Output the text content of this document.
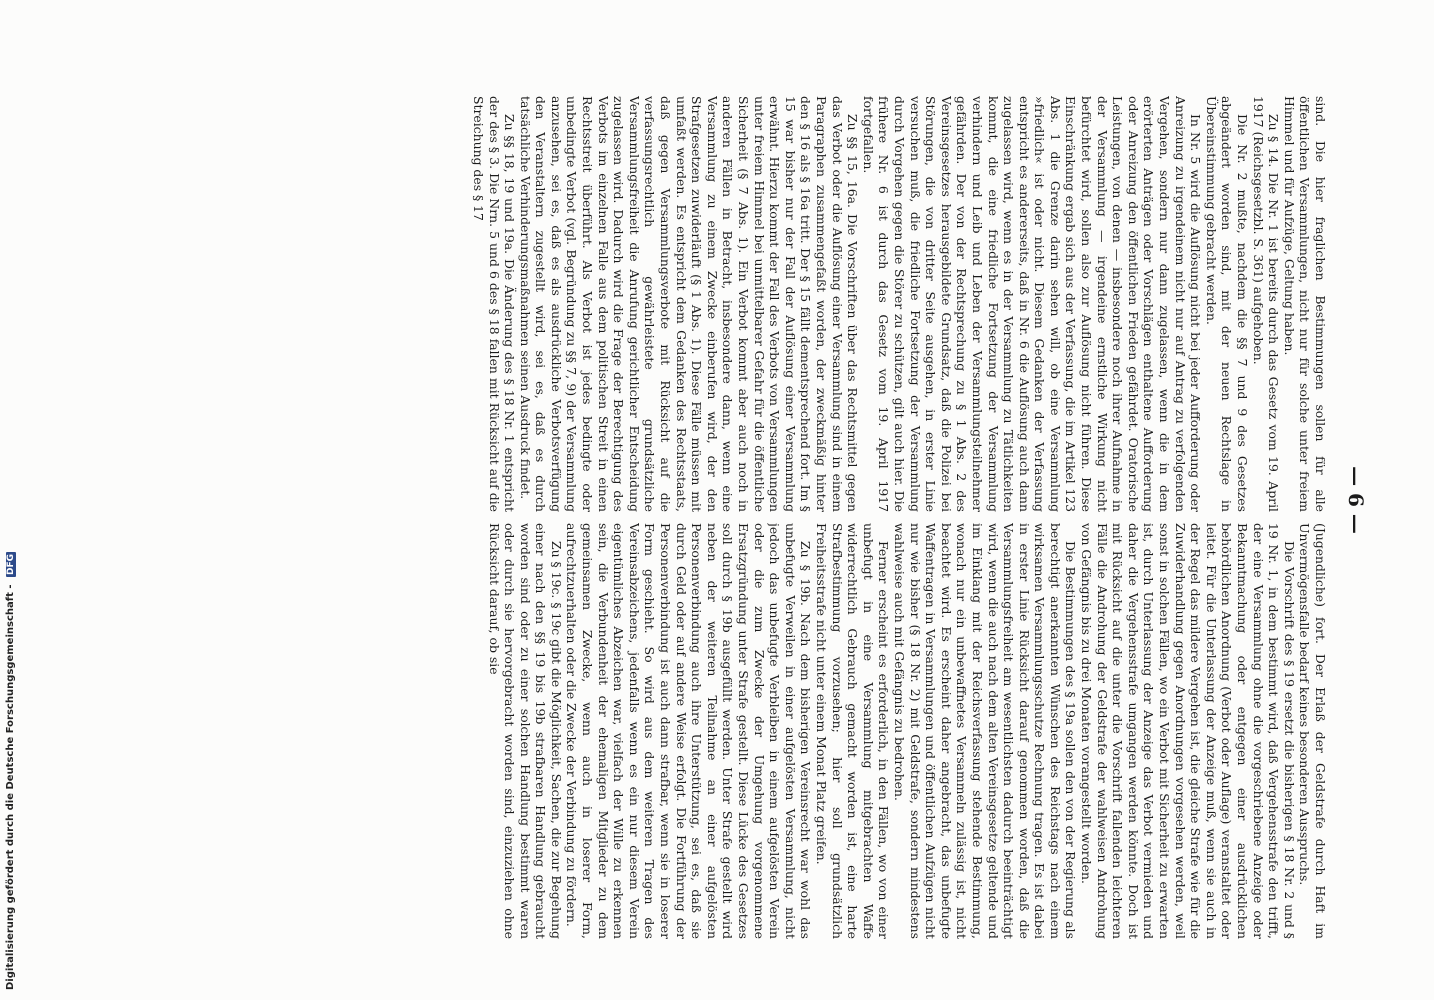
— 6 —

sind. Die hier fraglichen Bestimmungen sollen für alle öffentlichen Versammlungen, nicht nur für solche unter freiem Himmel und für Aufzüge, Geltung haben.

Zu § 14. Die Nr. 1 ist bereits durch das Gesetz vom 19. April 1917 (Reichsgesetzbl. S. 361) aufgehoben.

Die Nr. 2 mußte, nachdem die §§ 7 und 9 des Gesetzes abgeändert worden sind, mit der neuen Rechtslage in Übereinstimmung gebracht werden.

In Nr. 5 wird die Auflösung nicht bei jeder Aufforderung oder Anreizung zu irgendeinem nicht nur auf Antrag zu verfolgenden Vergehen, sondern nur dann zugelassen, wenn die in dem erörterten Anträgen oder Vorschlägen enthaltene Aufforderung oder Anreizung den öffentlichen Frieden gefährdet. Oratorische Leistungen, von denen — insbesondere noch ihrer Aufnahme in der Versammlung — irgendeine ernstliche Wirkung nicht befürchtet wird, sollen also zur Auflösung nicht führen. Diese Einschränkung ergab sich aus der Verfassung, die im Artikel 123 Abs. 1 die Grenze darin sehen will, ob eine Versammlung »friedlich« ist oder nicht. Diesem Gedanken der Verfassung entspricht es andererseits, daß in Nr. 6 die Auflösung auch dann zugelassen wird, wenn es in der Versammlung zu Tätlichkeiten kommt, die eine friedliche Fortsetzung der Versammlung verhindern und Leib und Leben der Versammlungsteilnehmer gefährden. Der von der Rechtsprechung zu § 1 Abs. 2 des Vereinsgesetzes herausgebildete Grundsatz, daß die Polizei bei Störungen, die von dritter Seite ausgehen, in erster Linie versuchen muß, die friedliche Fortsetzung der Versammlung durch Vorgehen gegen die Störer zu schützen, gilt auch hier. Die frühere Nr. 6 ist durch das Gesetz vom 19. April 1917 fortgefallen.

Zu §§ 15, 16a. Die Vorschriften über das Rechtsmittel gegen das Verbot oder die Auflösung einer Versammlung sind in einem Paragraphen zusammengefaßt worden, der zweckmäßig hinter den § 16 als § 16a tritt. Der § 15 fällt dementsprechend fort. Im § 15 war bisher nur der Fall der Auflösung einer Versammlung erwähnt. Hierzu kommt der Fall des Verbots von Versammlungen unter freiem Himmel bei unmittelbarer Gefahr für die öffentliche Sicherheit (§ 7 Abs. 1). Ein Verbot kommt aber auch noch in anderen Fällen in Betracht, insbesondere dann, wenn eine Versammlung zu einem Zwecke einberufen wird, der den Strafgesetzen zuwiderläuft (§ 1 Abs. 1). Diese Fälle müssen mit umfaßt werden. Es entspricht dem Gedanken des Rechtsstaats, daß gegen Versammlungsverbote mit Rücksicht auf die verfassungsrechtlich gewährleistete grundsätzliche Versammlungsfreiheit die Anrufung gerichtlicher Entscheidung zugelassen wird. Dadurch wird die Frage der Berechtigung des Verbots im einzelnen Falle aus dem politischen Streit in einen Rechtsstreit überführt. Als Verbot ist jedes bedingte oder unbedingte Verbot (vgl. Begründung zu §§ 7, 9) der Versammlung anzusehen, sei es, daß es als ausdrückliche Verbotsverfügung den Veranstaltern zugestellt wird, sei es, daß es durch tatsächliche Verhinderungsmaßnahmen seinen Ausdruck findet.

Zu §§ 18, 19 und 19a. Die Änderung des § 18 Nr. 1 entspricht der des § 3. Die Nrn. 5 und 6 des § 18 fallen mit Rücksicht auf die Streichung des § 17

(Jugendliche) fort. Der Erlaß der Geldstrafe durch Haft im Unvermögensfalle bedarf keines besonderen Ausspruchs.

Die Vorschrift des § 19 ersetzt die bisherigen § 18 Nr. 2 und § 19 Nr. 1, in dem bestimmt wird, daß Vergehensstrafe den trifft, der eine Versammlung ohne die vorgeschriebene Anzeige oder Bekanntmachung oder entgegen einer ausdrücklichen behördlichen Anordnung (Verbot oder Auflage) veranstaltet oder leitet. Für die Unterlassung der Anzeige muß, wenn sie auch in der Regel das mildere Vergehen ist, die gleiche Strafe wie für die Zuwiderhandlung gegen Anordnungen vorgesehen werden, weil sonst in solchen Fällen, wo ein Verbot mit Sicherheit zu erwarten ist, durch Unterlassung der Anzeige das Verbot vermieden und daher die Vergehensstrafe umgangen werden könnte. Doch ist mit Rücksicht auf die unter die Vorschrift fallenden leichteren Fälle die Androhung der Geldstrafe der wahlweisen Androhung von Gefängnis bis zu drei Monaten vorangestellt worden.

Die Bestimmungen des § 19a sollen den von der Regierung als berechtigt anerkannten Wünschen des Reichstags nach einem wirksamen Versammlungsschutze Rechnung tragen. Es ist dabei in erster Linie Rücksicht darauf genommen worden, daß die Versammlungsfreiheit am wesentlichsten dadurch beeinträchtigt wird, wenn die auch nach dem alten Vereinsgesetze geltende und im Einklang mit der Reichsverfassung stehende Bestimmung, wonach nur ein unbewaffnetes Versammeln zulässig ist, nicht beachtet wird. Es erscheint daher angebracht, das unbefugte Waffentragen in Versammlungen und öffentlichen Aufzügen nicht nur wie bisher (§ 18 Nr. 2) mit Geldstrafe, sondern mindestens wahlweise auch mit Gefängnis zu bedrohen.

Ferner erscheint es erforderlich, in den Fällen, wo von einer unbefugt in eine Versammlung mitgebrachten Waffe widerrechtlich Gebrauch gemacht worden ist, eine harte Strafbestimmung vorzusehen; hier soll grundsätzlich Freiheitsstrafe nicht unter einem Monat Platz greifen.

Zu § 19b. Nach dem bisherigen Vereinsrecht war wohl das unbefugte Verweilen in einer aufgelösten Versammlung, nicht jedoch das unbefugte Verbleiben in einem aufgelösten Verein oder die zum Zwecke der Umgehung vorgenommene Ersatzgründung unter Strafe gestellt. Diese Lücke des Gesetzes soll durch § 19b ausgefüllt werden. Unter Strafe gestellt wird neben der weiteren Teilnahme an einer aufgelösten Personenverbindung auch ihre Unterstützung, sei es, daß sie durch Geld oder auf andere Weise erfolgt. Die Fortführung der Personenverbindung ist auch dann strafbar, wenn sie in loserer Form geschieht. So wird aus dem weiteren Tragen des Vereinsabzeichens, jedenfalls wenn es ein nur diesem Verein eigentümliches Abzeichen war, vielfach der Wille zu erkennen sein, die Verbundenheit der ehemaligen Mitglieder zu dem gemeinsamen Zwecke, wenn auch in loserer Form, aufrechtzuerhalten oder die Zwecke der Verbindung zu fördern.

Zu § 19c. § 19c gibt die Möglichkeit, Sachen, die zur Begehung einer nach den §§ 19 bis 19b strafbaren Handlung gebraucht worden sind oder zu einer solchen Handlung bestimmt waren oder durch sie hervorgebracht worden sind, einzuziehen ohne Rücksicht darauf, ob sie

Digitalisierung gefördert durch die Deutsche Forschungsgemeinschaft - DFG
